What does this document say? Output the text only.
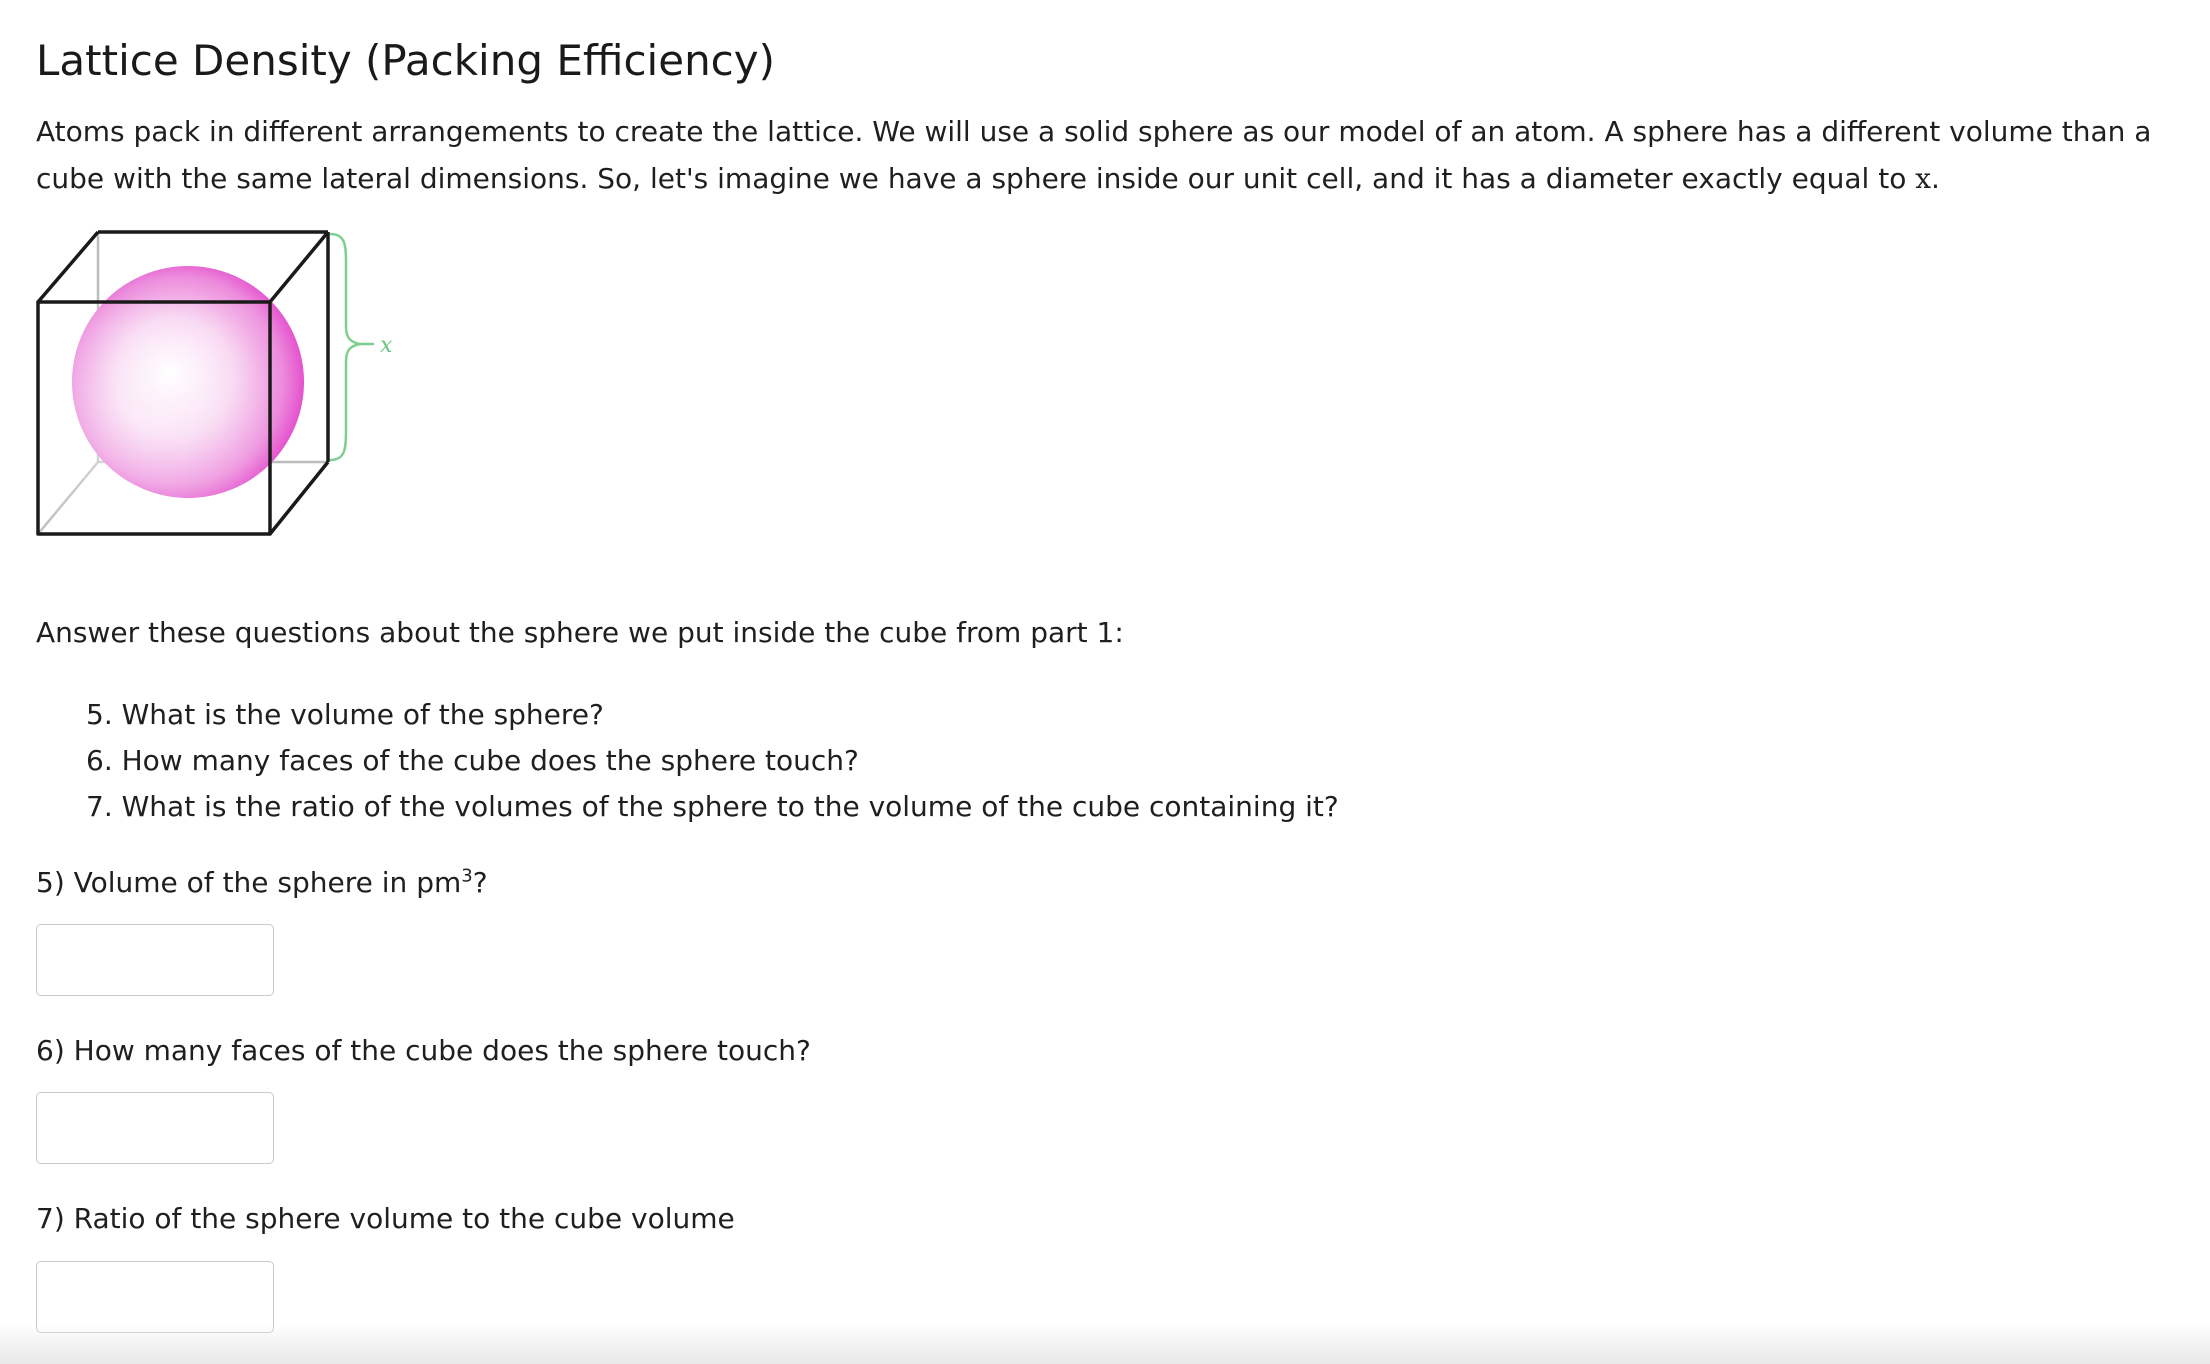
Lattice Density (Packing Efficiency)

Atoms pack in different arrangements to create the lattice. We will use a solid sphere as our model of an atom. A sphere has a different volume than a cube with the same lateral dimensions. So, let's imagine we have a sphere inside our unit cell, and it has a diameter exactly equal to x.

x

Answer these questions about the sphere we put inside the cube from part 1:

5. What is the volume of the sphere?
6. How many faces of the cube does the sphere touch?
7. What is the ratio of the volumes of the sphere to the volume of the cube containing it?

5) Volume of the sphere in $pm^3$?

6) How many faces of the cube does the sphere touch?

7) Ratio of the sphere volume to the cube volume
